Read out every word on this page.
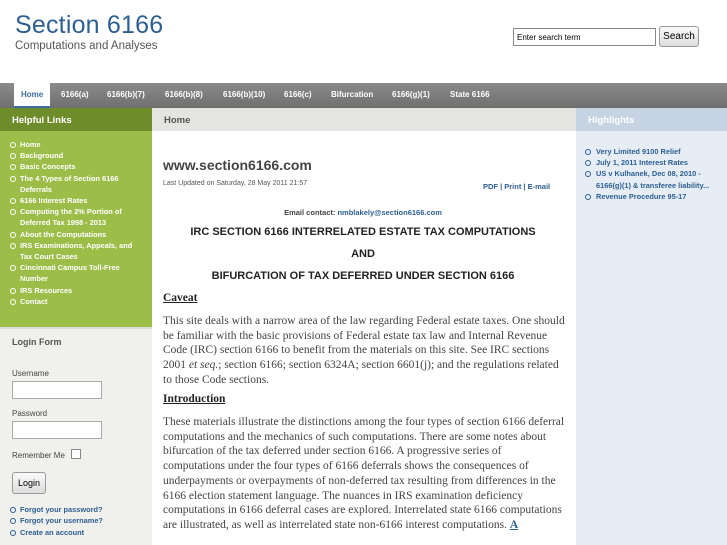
Section 6166
Computations and Analyses
Enter search term
Search
Home	6166(a) 6166(b)(7)	6166(b)(8)	6166(b)(10) 6166(c) Bifurcation 6166(g)(1)	State 6166
Helpful Links
Home
Background
Basic Concepts
The 4 Types of Section 6166 Deferrals
6166 Interest Rates
Computing the 2% Portion of Deferred Tax 1998 - 2013
About the Computations
IRS Examinations, Appeals, and Tax Court Cases
Cincinnati Campus Toll-Free Number
IRS Resources
Contact
Login Form
Username
Password
Remember Me
Login
Forgot your password?
Forgot your username?
Create an account
Home
www.section6166.com
Last Updated on Saturday, 28 May 2011 21:57	PDF | Print | E-mail
Email contact: nmblakely@section6166.com
IRC SECTION 6166 INTERRELATED ESTATE TAX COMPUTATIONS
AND
BIFURCATION OF TAX DEFERRED UNDER SECTION 6166
Caveat
This site deals with a narrow area of the law regarding Federal estate taxes. One should be familiar with the basic provisions of Federal estate tax law and Internal Revenue Code (IRC) section 6166 to benefit from the materials on this site. See IRC sections 2001 et seq.; section 6166; section 6324A; section 6601(j); and the regulations related to those Code sections.
Introduction
These materials illustrate the distinctions among the four types of section 6166 deferral computations and the mechanics of such computations. There are some notes about bifurcation of the tax deferred under section 6166. A progressive series of computations under the four types of 6166 deferrals shows the consequences of underpayments or overpayments of non-deferred tax resulting from differences in the 6166 election statement language. The nuances in IRS examination deficiency computations in 6166 deferral cases are explored. Interrelated state 6166 computations are illustrated, as well as interrelated state non-6166 interest computations. A
Highlights
Very Limited 9100 Relief
July 1, 2011 Interest Rates
US v Kulhanek, Dec 08, 2010 - 6166(g)(1) & transferee liability...
Revenue Procedure 95-17
